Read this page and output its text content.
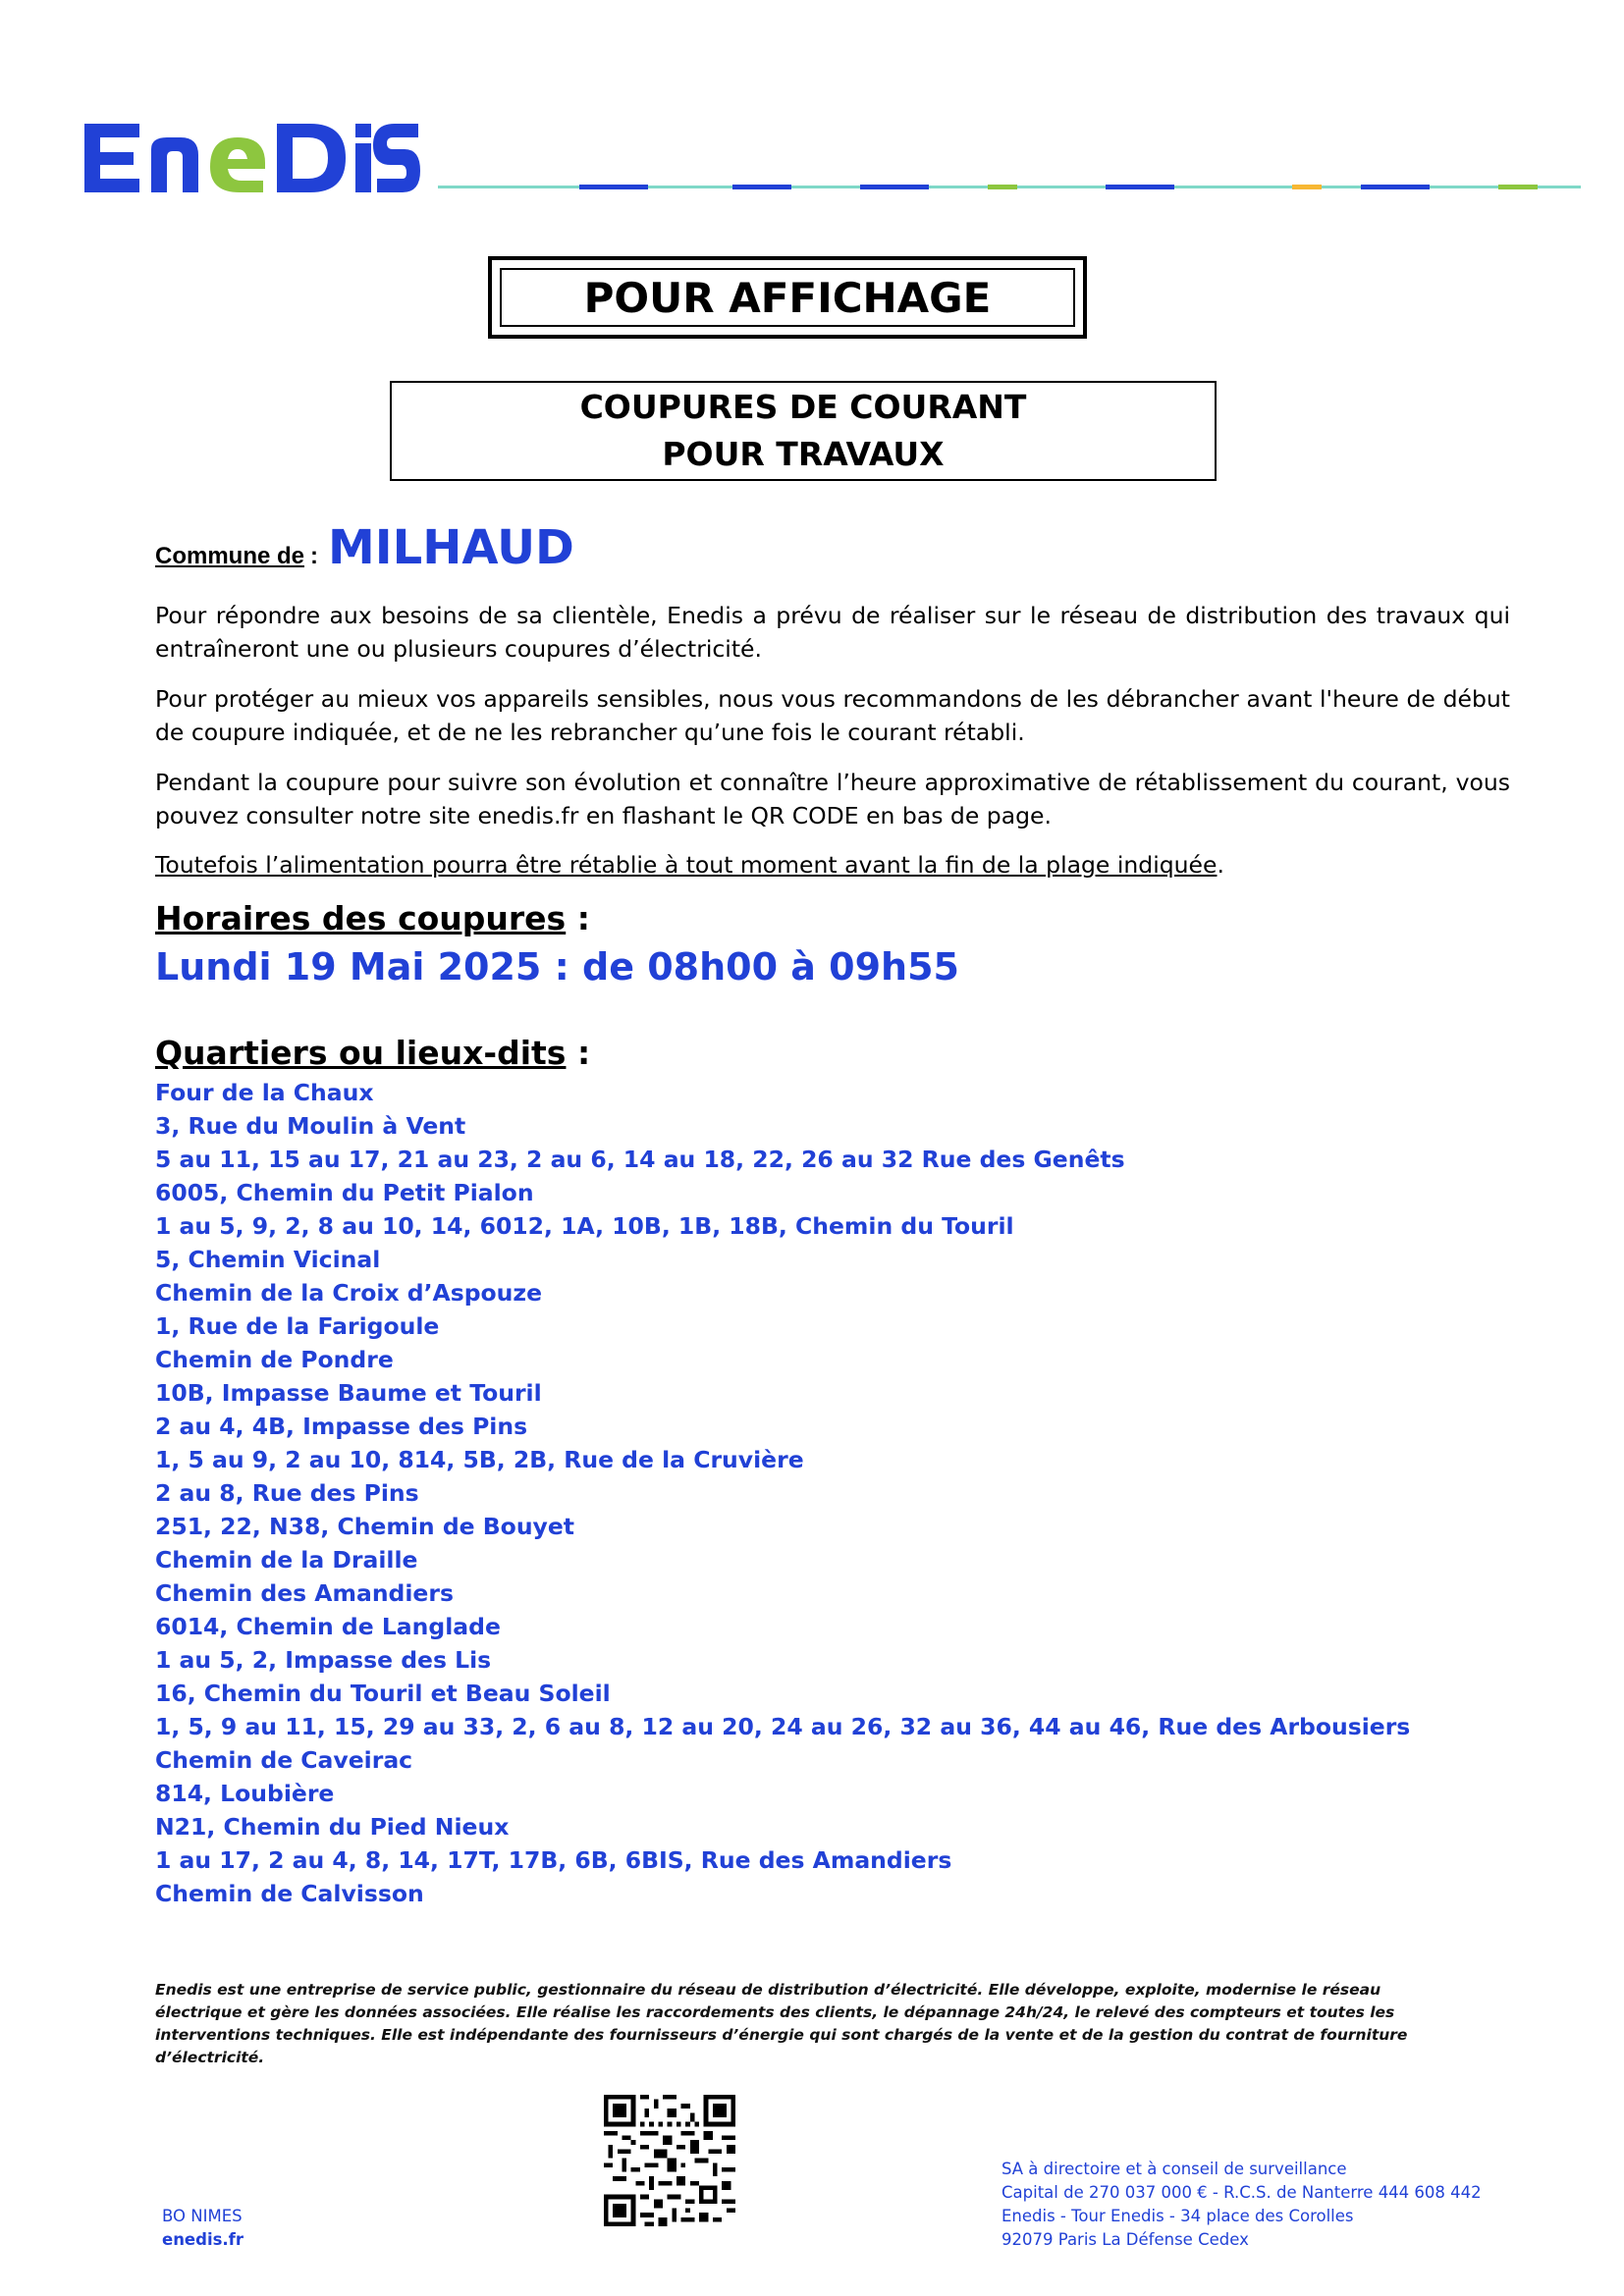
ENEDIS
POUR AFFICHAGE
COUPURES DE COURANT
POUR TRAVAUX
Commune de : MILHAUD
Pour répondre aux besoins de sa clientèle, Enedis a prévu de réaliser sur le réseau de distribution des travaux qui entraîneront une ou plusieurs coupures d’électricité.
Pour protéger au mieux vos appareils sensibles, nous vous recommandons de les débrancher avant l'heure de début de coupure indiquée, et de ne les rebrancher qu’une fois le courant rétabli.
Pendant la coupure pour suivre son évolution et connaître l’heure approximative de rétablissement du courant, vous pouvez consulter notre site enedis.fr en flashant le QR CODE en bas de page.
Toutefois l’alimentation pourra être rétablie à tout moment avant la fin de la plage indiquée.
Horaires des coupures :
Lundi 19 Mai 2025 : de 08h00 à 09h55
Quartiers ou lieux-dits :
Four de la Chaux
3, Rue du Moulin à Vent
5 au 11, 15 au 17, 21 au 23, 2 au 6, 14 au 18, 22, 26 au 32 Rue des Genêts
6005, Chemin du Petit Pialon
1 au 5, 9, 2, 8 au 10, 14, 6012, 1A, 10B, 1B, 18B, Chemin du Touril
5, Chemin Vicinal
Chemin de la Croix d’Aspouze
1, Rue de la Farigoule
Chemin de Pondre
10B, Impasse Baume et Touril
2 au 4, 4B, Impasse des Pins
1, 5 au 9, 2 au 10, 814, 5B, 2B, Rue de la Cruvière
2 au 8, Rue des Pins
251, 22, N38, Chemin de Bouyet
Chemin de la Draille
Chemin des Amandiers
6014, Chemin de Langlade
1 au 5, 2, Impasse des Lis
16, Chemin du Touril et Beau Soleil
1, 5, 9 au 11, 15, 29 au 33, 2, 6 au 8, 12 au 20, 24 au 26, 32 au 36, 44 au 46, Rue des Arbousiers
Chemin de Caveirac
814, Loubière
N21, Chemin du Pied Nieux
1 au 17, 2 au 4, 8, 14, 17T, 17B, 6B, 6BIS, Rue des Amandiers
Chemin de Calvisson
Enedis est une entreprise de service public, gestionnaire du réseau de distribution d’électricité. Elle développe, exploite, modernise le réseau électrique et gère les données associées. Elle réalise les raccordements des clients, le dépannage 24h/24, le relevé des compteurs et toutes les interventions techniques. Elle est indépendante des fournisseurs d’énergie qui sont chargés de la vente et de la gestion du contrat de fourniture d’électricité.
BO NIMES
enedis.fr
SA à directoire et à conseil de surveillance
Capital de 270 037 000 € - R.C.S. de Nanterre 444 608 442
Enedis - Tour Enedis - 34 place des Corolles
92079 Paris La Défense Cedex
